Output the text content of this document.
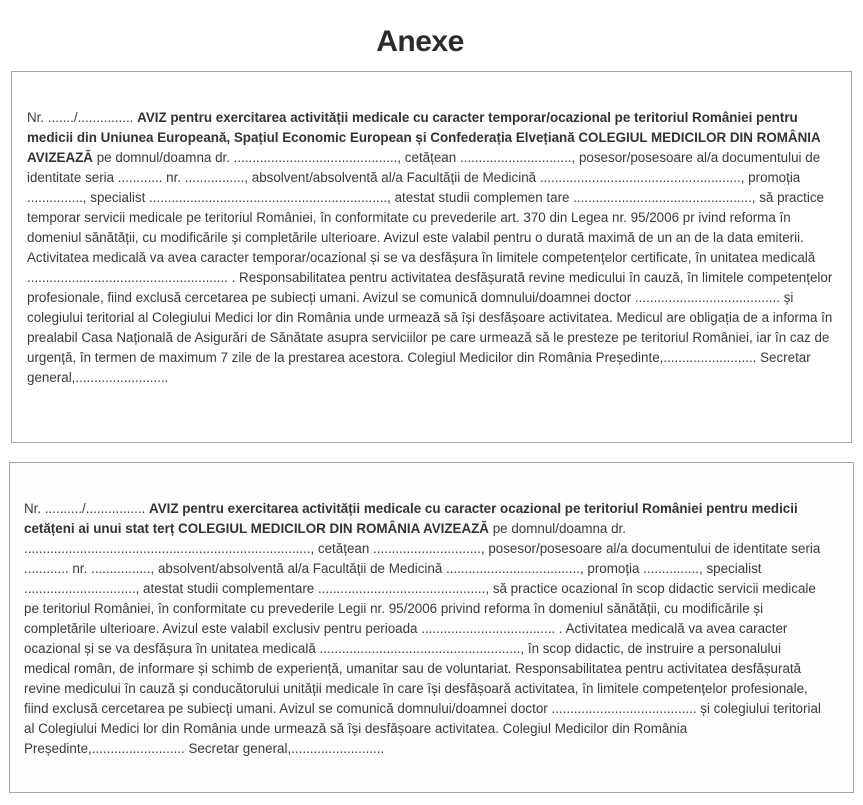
Anexe

Nr. ......./............... AVIZ pentru exercitarea activității medicale cu caracter temporar/ocazional pe teritoriul României pentru medicii din Uniunea Europeană, Spațiul Economic European și Confederația Elvețiană COLEGIUL MEDICILOR DIN ROMÂNIA AVIZEAZĂ pe domnul/doamna dr. ............................................, cetățean .............................., posesor/posesoare al/a documentului de identitate seria ............ nr. ................, absolvent/absolventă al/a Facultății de Medicină ......................................................, promoția ..............., specialist ................................................................, atestat studii complemen tare ................................................, să practice temporar servicii medicale pe teritoriul României, în conformitate cu prevederile art. 370 din Legea nr. 95/2006 pr ivind reforma în domeniul sănătății, cu modificările și completările ulterioare. Avizul este valabil pentru o durată maximă de un an de la data emiterii. Activitatea medicală va avea caracter temporar/ocazional și se va desfășura în limitele competențelor certificate, în unitatea medicală ...................................................... . Responsabilitatea pentru activitatea desfășurată revine medicului în cauză, în limitele competențelor profesionale, fiind exclusă cercetarea pe subiecți umani. Avizul se comunică domnului/doamnei doctor ....................................... și colegiului teritorial al Colegiului Medici lor din România unde urmează să își desfășoare activitatea. Medicul are obligația de a informa în prealabil Casa Națională de Asigurări de Sănătate asupra serviciilor pe care urmează să le presteze pe teritoriul României, iar în caz de urgență, în termen de maximum 7 zile de la prestarea acestora. Colegiul Medicilor din România Președinte,......................... Secretar general,.........................

Nr. ........../................ AVIZ pentru exercitarea activității medicale cu caracter ocazional pe teritoriul României pentru medicii cetățeni ai unui stat terț COLEGIUL MEDICILOR DIN ROMÂNIA AVIZEAZĂ pe domnul/doamna dr. ............................................................................., cetățean ............................., posesor/posesoare al/a documentului de identitate seria ............ nr. ................, absolvent/absolventă al/a Facultății de Medicină ...................................., promoția ..............., specialist .............................., atestat studii complementare ............................................., să practice ocazional în scop didactic servicii medicale pe teritoriul României, în conformitate cu prevederile Legii nr. 95/2006 privind reforma în domeniul sănătății, cu modificările și completările ulterioare. Avizul este valabil exclusiv pentru perioada .................................... . Activitatea medicală va avea caracter ocazional și se va desfășura în unitatea medicală ......................................................, în scop didactic, de instruire a personalului medical român, de informare și schimb de experiență, umanitar sau de voluntariat. Responsabilitatea pentru activitatea desfășurată revine medicului în cauză și conducătorului unității medicale în care își desfășoară activitatea, în limitele competențelor profesionale, fiind exclusă cercetarea pe subiecți umani. Avizul se comunică domnului/doamnei doctor ....................................... și colegiului teritorial al Colegiului Medici lor din România unde urmează să își desfășoare activitatea. Colegiul Medicilor din România Președinte,......................... Secretar general,.........................
